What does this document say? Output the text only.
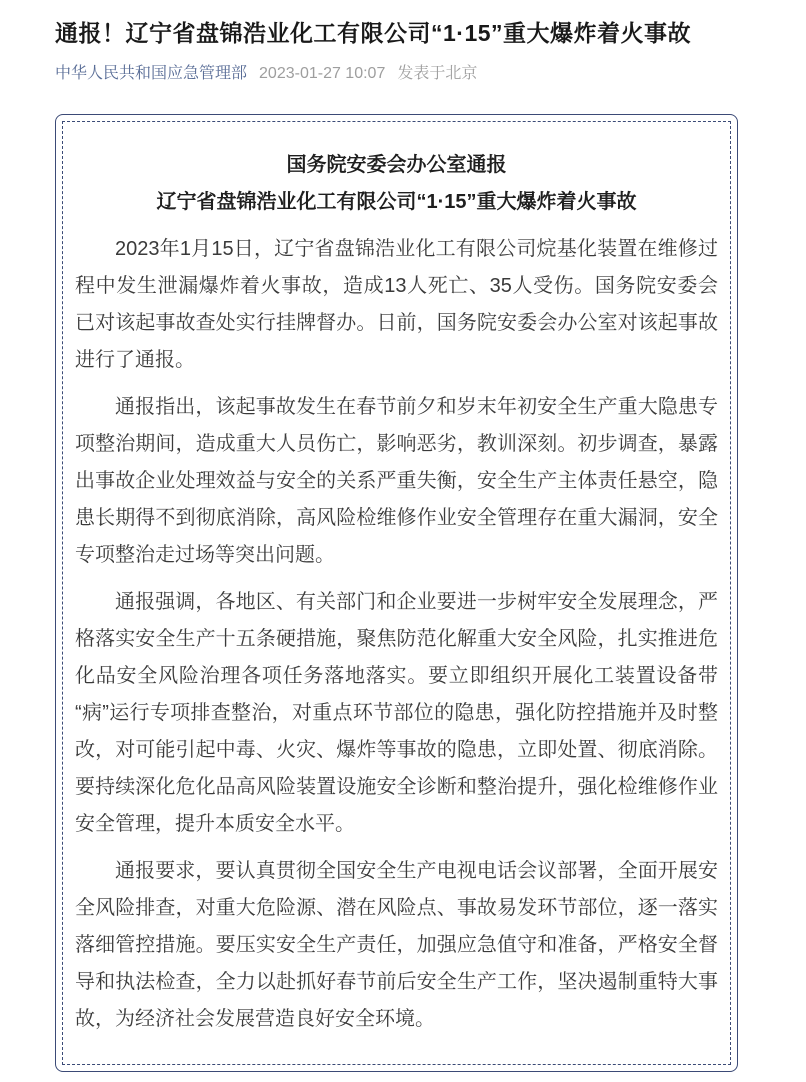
通报！辽宁省盘锦浩业化工有限公司“1·15”重大爆炸着火事故
中华人民共和国应急管理部 2023-01-27 10:07 发表于北京
国务院安委会办公室通报
辽宁省盘锦浩业化工有限公司“1·15”重大爆炸着火事故

2023年1月15日，辽宁省盘锦浩业化工有限公司烷基化装置在维修过程中发生泄漏爆炸着火事故，造成13人死亡、35人受伤。国务院安委会已对该起事故查处实行挂牌督办。日前，国务院安委会办公室对该起事故进行了通报。

通报指出，该起事故发生在春节前夕和岁末年初安全生产重大隐患专项整治期间，造成重大人员伤亡，影响恶劣，教训深刻。初步调查，暴露出事故企业处理效益与安全的关系严重失衡，安全生产主体责任悬空，隐患长期得不到彻底消除，高风险检维修作业安全管理存在重大漏洞，安全专项整治走过场等突出问题。

通报强调，各地区、有关部门和企业要进一步树牢安全发展理念，严格落实安全生产十五条硬措施，聚焦防范化解重大安全风险，扎实推进危化品安全风险治理各项任务落地落实。要立即组织开展化工装置设备带“病”运行专项排查整治，对重点环节部位的隐患，强化防控措施并及时整改，对可能引起中毒、火灾、爆炸等事故的隐患，立即处置、彻底消除。要持续深化危化品高风险装置设施安全诊断和整治提升，强化检维修作业安全管理，提升本质安全水平。

通报要求，要认真贯彻全国安全生产电视电话会议部署，全面开展安全风险排查，对重大危险源、潜在风险点、事故易发环节部位，逐一落实落细管控措施。要压实安全生产责任，加强应急值守和准备，严格安全督导和执法检查，全力以赴抓好春节前后安全生产工作，坚决遏制重特大事故，为经济社会发展营造良好安全环境。
